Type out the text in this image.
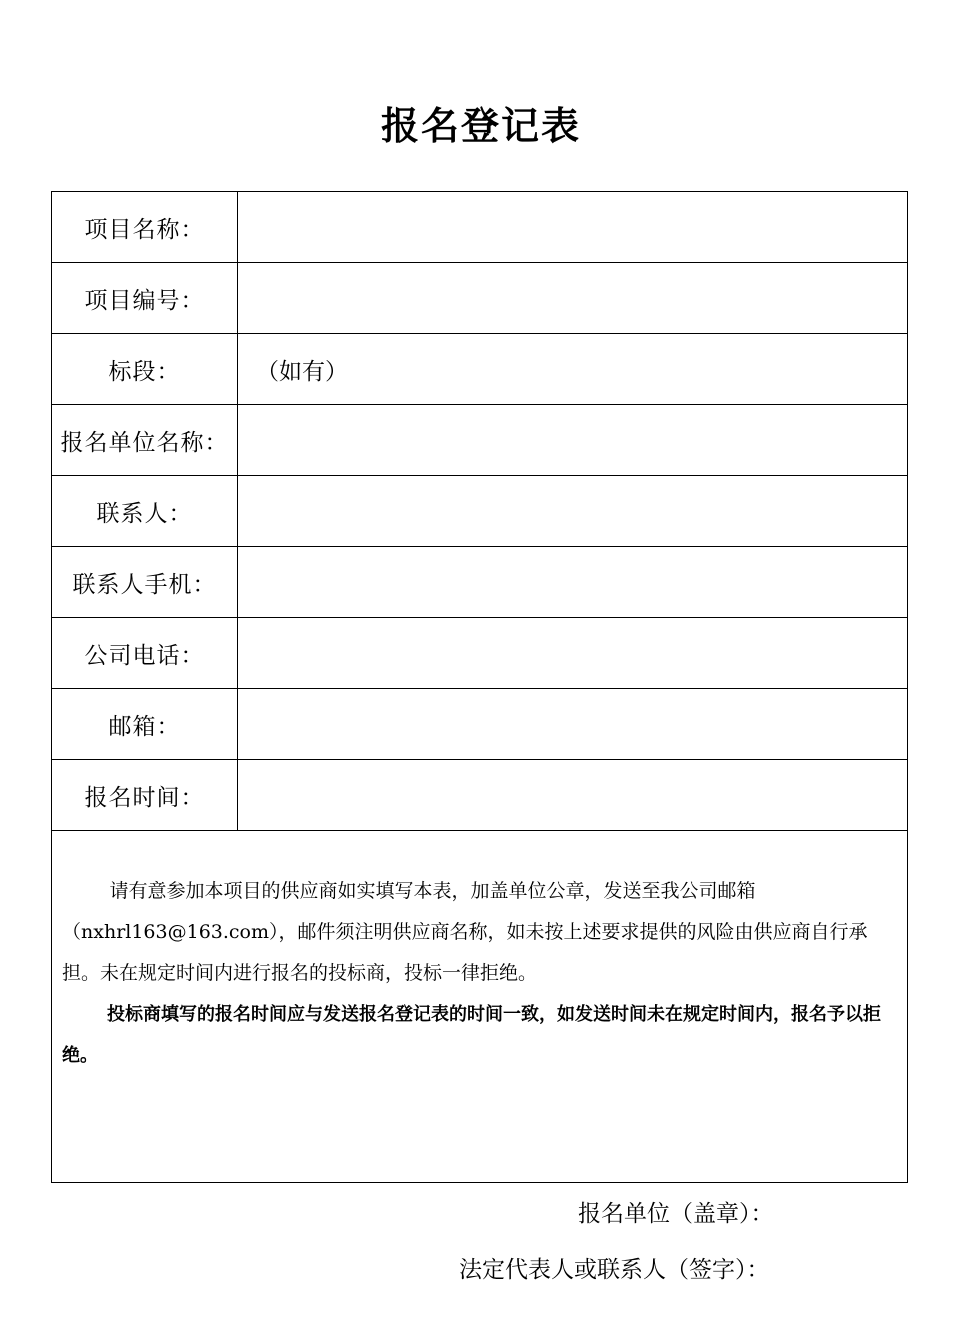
报名登记表
项目名称：	
项目编号：	
标段：	（如有）
报名单位名称：	
联系人：	
联系人手机：	
公司电话：	
邮箱：	
报名时间：	

请有意参加本项目的供应商如实填写本表，加盖单位公章，发送至我公司邮箱（nxhrl163@163.com），邮件须注明供应商名称，如未按上述要求提供的风险由供应商自行承担。未在规定时间内进行报名的投标商，投标一律拒绝。

投标商填写的报名时间应与发送报名登记表的时间一致，如发送时间未在规定时间内，报名予以拒绝。	

报名单位（盖章）：
法定代表人或联系人（签字）：
